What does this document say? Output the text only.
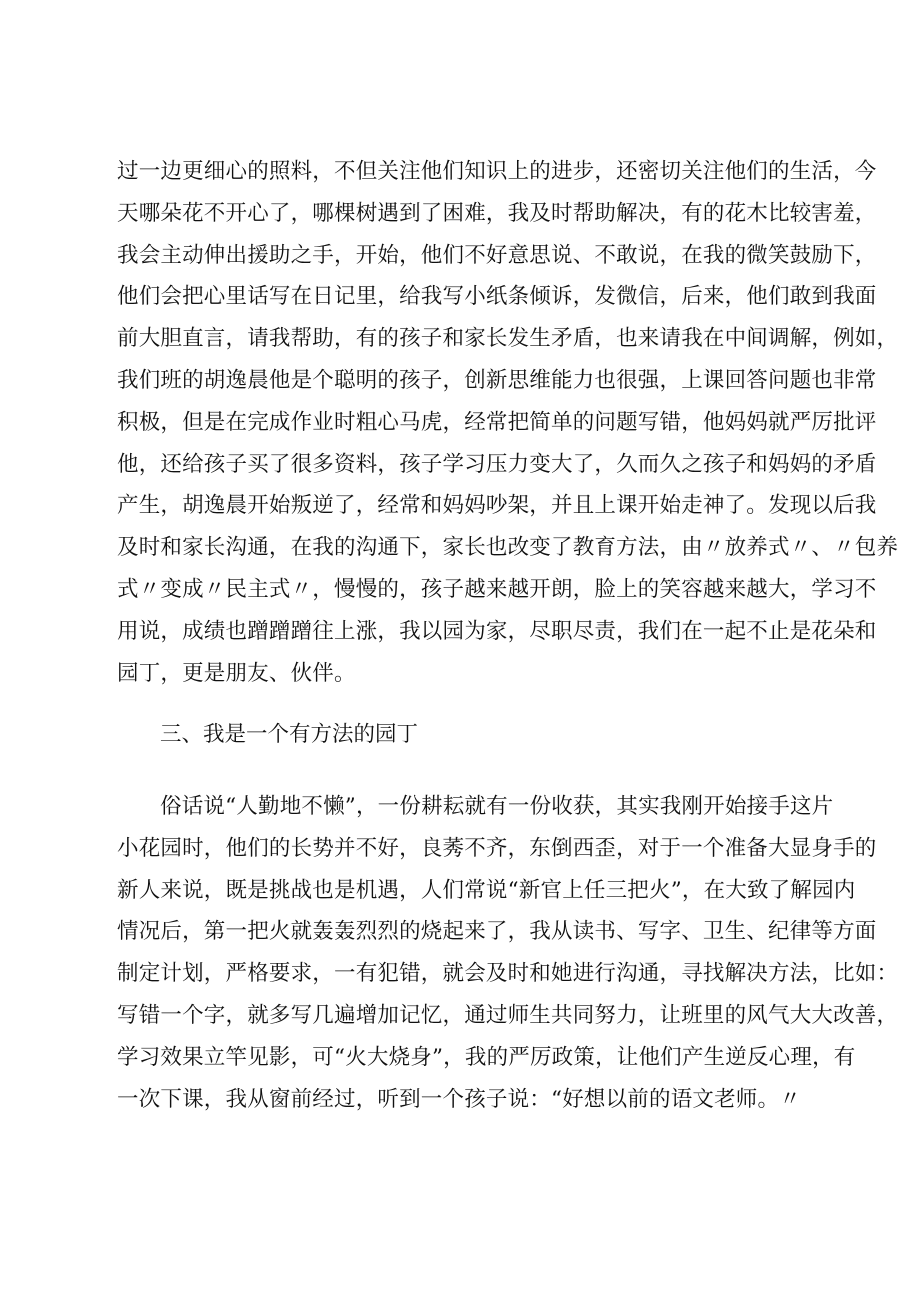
过一边更细心的照料，不但关注他们知识上的进步，还密切关注他们的生活，今
天哪朵花不开心了，哪棵树遇到了困难，我及时帮助解决，有的花木比较害羞，
我会主动伸出援助之手，开始，他们不好意思说、不敢说，在我的微笑鼓励下，
他们会把心里话写在日记里，给我写小纸条倾诉，发微信，后来，他们敢到我面
前大胆直言，请我帮助，有的孩子和家长发生矛盾，也来请我在中间调解，例如，
我们班的胡逸晨他是个聪明的孩子，创新思维能力也很强，上课回答问题也非常
积极，但是在完成作业时粗心马虎，经常把简单的问题写错，他妈妈就严厉批评
他，还给孩子买了很多资料，孩子学习压力变大了，久而久之孩子和妈妈的矛盾
产生，胡逸晨开始叛逆了，经常和妈妈吵架，并且上课开始走神了。发现以后我
及时和家长沟通，在我的沟通下，家长也改变了教育方法，由〃放养式〃、〃包养
式〃变成〃民主式〃，慢慢的，孩子越来越开朗，脸上的笑容越来越大，学习不
用说，成绩也蹭蹭蹭往上涨，我以园为家，尽职尽责，我们在一起不止是花朵和
园丁，更是朋友、伙伴。
三、我是一个有方法的园丁
俗话说“人勤地不懒”，一份耕耘就有一份收获，其实我刚开始接手这片
小花园时，他们的长势并不好，良莠不齐，东倒西歪，对于一个准备大显身手的
新人来说，既是挑战也是机遇，人们常说“新官上任三把火”，在大致了解园内
情况后，第一把火就轰轰烈烈的烧起来了，我从读书、写字、卫生、纪律等方面
制定计划，严格要求，一有犯错，就会及时和她进行沟通，寻找解决方法，比如：
写错一个字，就多写几遍增加记忆，通过师生共同努力，让班里的风气大大改善，
学习效果立竿见影，可“火大烧身”，我的严厉政策，让他们产生逆反心理，有
一次下课，我从窗前经过，听到一个孩子说：“好想以前的语文老师。〃
